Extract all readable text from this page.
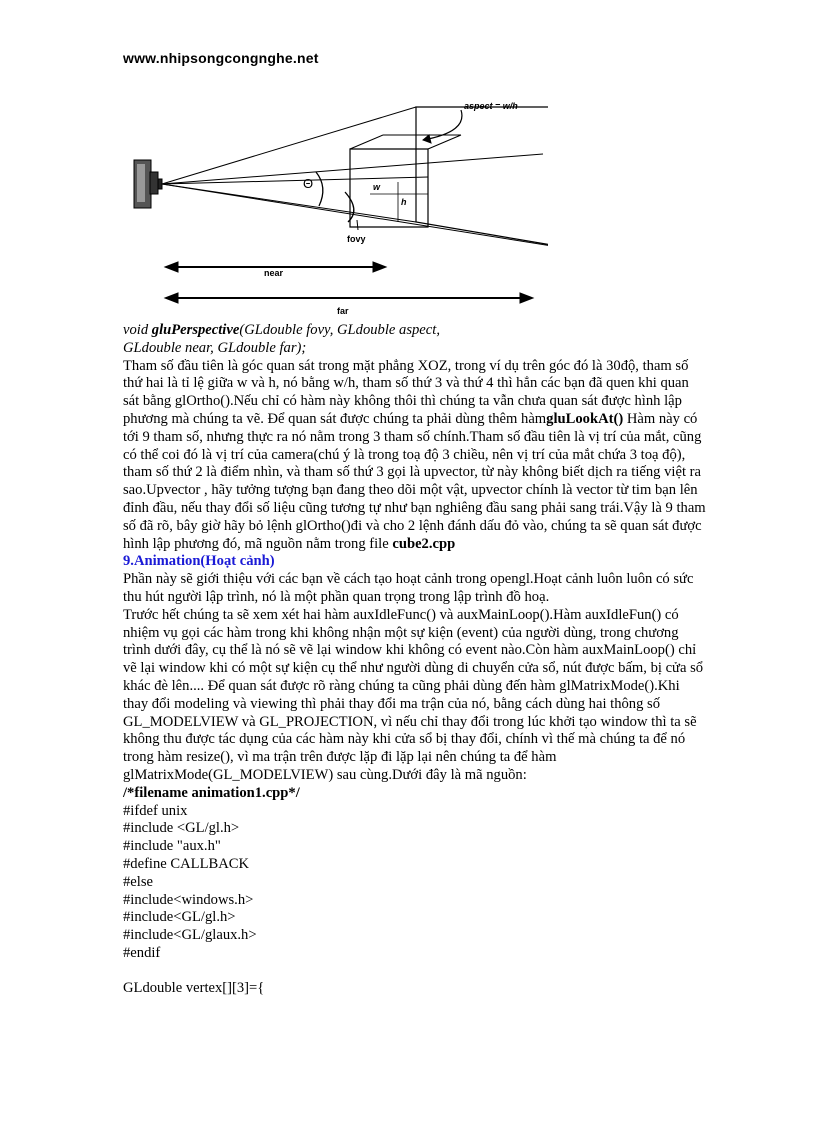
www.nhipsongcongnghe.net
aspect = w/h
Θ	w
h
fovy
near
far

void gluPerspective(GLdouble fovy, GLdouble aspect,

GLdouble near, GLdouble far);

Tham số đầu tiên là góc quan sát trong mặt phẳng XOZ, trong ví dụ trên góc đó là 30độ, tham số thứ hai là tỉ lệ giữa w và h, nó bằng w/h, tham số thứ 3 và thứ 4 thì hẳn các bạn đã quen khi quan sát bằng glOrtho().Nếu chỉ có hàm này không thôi thì chúng ta vẫn chưa quan sát được hình lập phương mà chúng ta vẽ. Để quan sát được chúng ta phải dùng thêm hàmgluLookAt() Hàm này có tới 9 tham số, nhưng thực ra nó nằm trong 3 tham số chính.Tham số đầu tiên là vị trí của mắt, cũng có thể coi đó là vị trí của camera(chú ý là trong toạ độ 3 chiều, nên vị trí của mắt chứa 3 toạ độ), tham số thứ 2 là điểm nhìn, và tham số thứ 3 gọi là upvector, từ này không biết dịch ra tiếng việt ra sao.Upvector , hãy tưởng tượng bạn đang theo dõi một vật, upvector chính là vector từ tim bạn lên đỉnh đầu, nếu thay đổi số liệu cũng tương tự như bạn nghiêng đầu sang phải sang trái.Vậy là 9 tham số đã rõ, bây giờ hãy bỏ lệnh glOrtho()đi và cho 2 lệnh đánh dấu đỏ vào, chúng ta sẽ quan sát được hình lập phương đó, mã nguồn nằm trong file cube2.cpp

9.Animation(Hoạt cảnh)

Phần này sẽ giới thiệu với các bạn về cách tạo hoạt cảnh trong opengl.Hoạt cảnh luôn luôn có sức thu hút người lập trình, nó là một phần quan trọng trong lập trình đồ hoạ.

Trước hết chúng ta sẽ xem xét hai hàm auxIdleFunc() và auxMainLoop().Hàm auxIdleFun() có nhiệm vụ gọi các hàm trong khi không nhận một sự kiện (event) của người dùng, trong chương trình dưới đây, cụ thể là nó sẽ vẽ lại window khi không có event nào.Còn hàm auxMainLoop() chỉ vẽ lại window khi có một sự kiện cụ thể như người dùng di chuyển cửa sổ, nút được bấm, bị cửa sổ khác đè lên.... Để quan sát được rõ ràng chúng ta cũng phải dùng đến hàm glMatrixMode().Khi thay đổi modeling và viewing thì phải thay đổi ma trận của nó, bằng cách dùng hai thông số GL_MODELVIEW và GL_PROJECTION, vì nếu chỉ thay đổi trong lúc khởi tạo window thì ta sẽ không thu được tác dụng của các hàm này khi cửa sổ bị thay đổi, chính vì thế mà chúng ta để nó trong hàm resize(), vì ma trận trên được lặp đi lặp lại nên chúng ta để hàm glMatrixMode(GL_MODELVIEW) sau cùng.Dưới đây là mã nguồn:

/*filename animation1.cpp*/

#ifdef unix

#include <GL/gl.h>

#include "aux.h"

#define CALLBACK

#else

#include<windows.h>

#include<GL/gl.h>

#include<GL/glaux.h>

#endif

GLdouble vertex[][3]={
